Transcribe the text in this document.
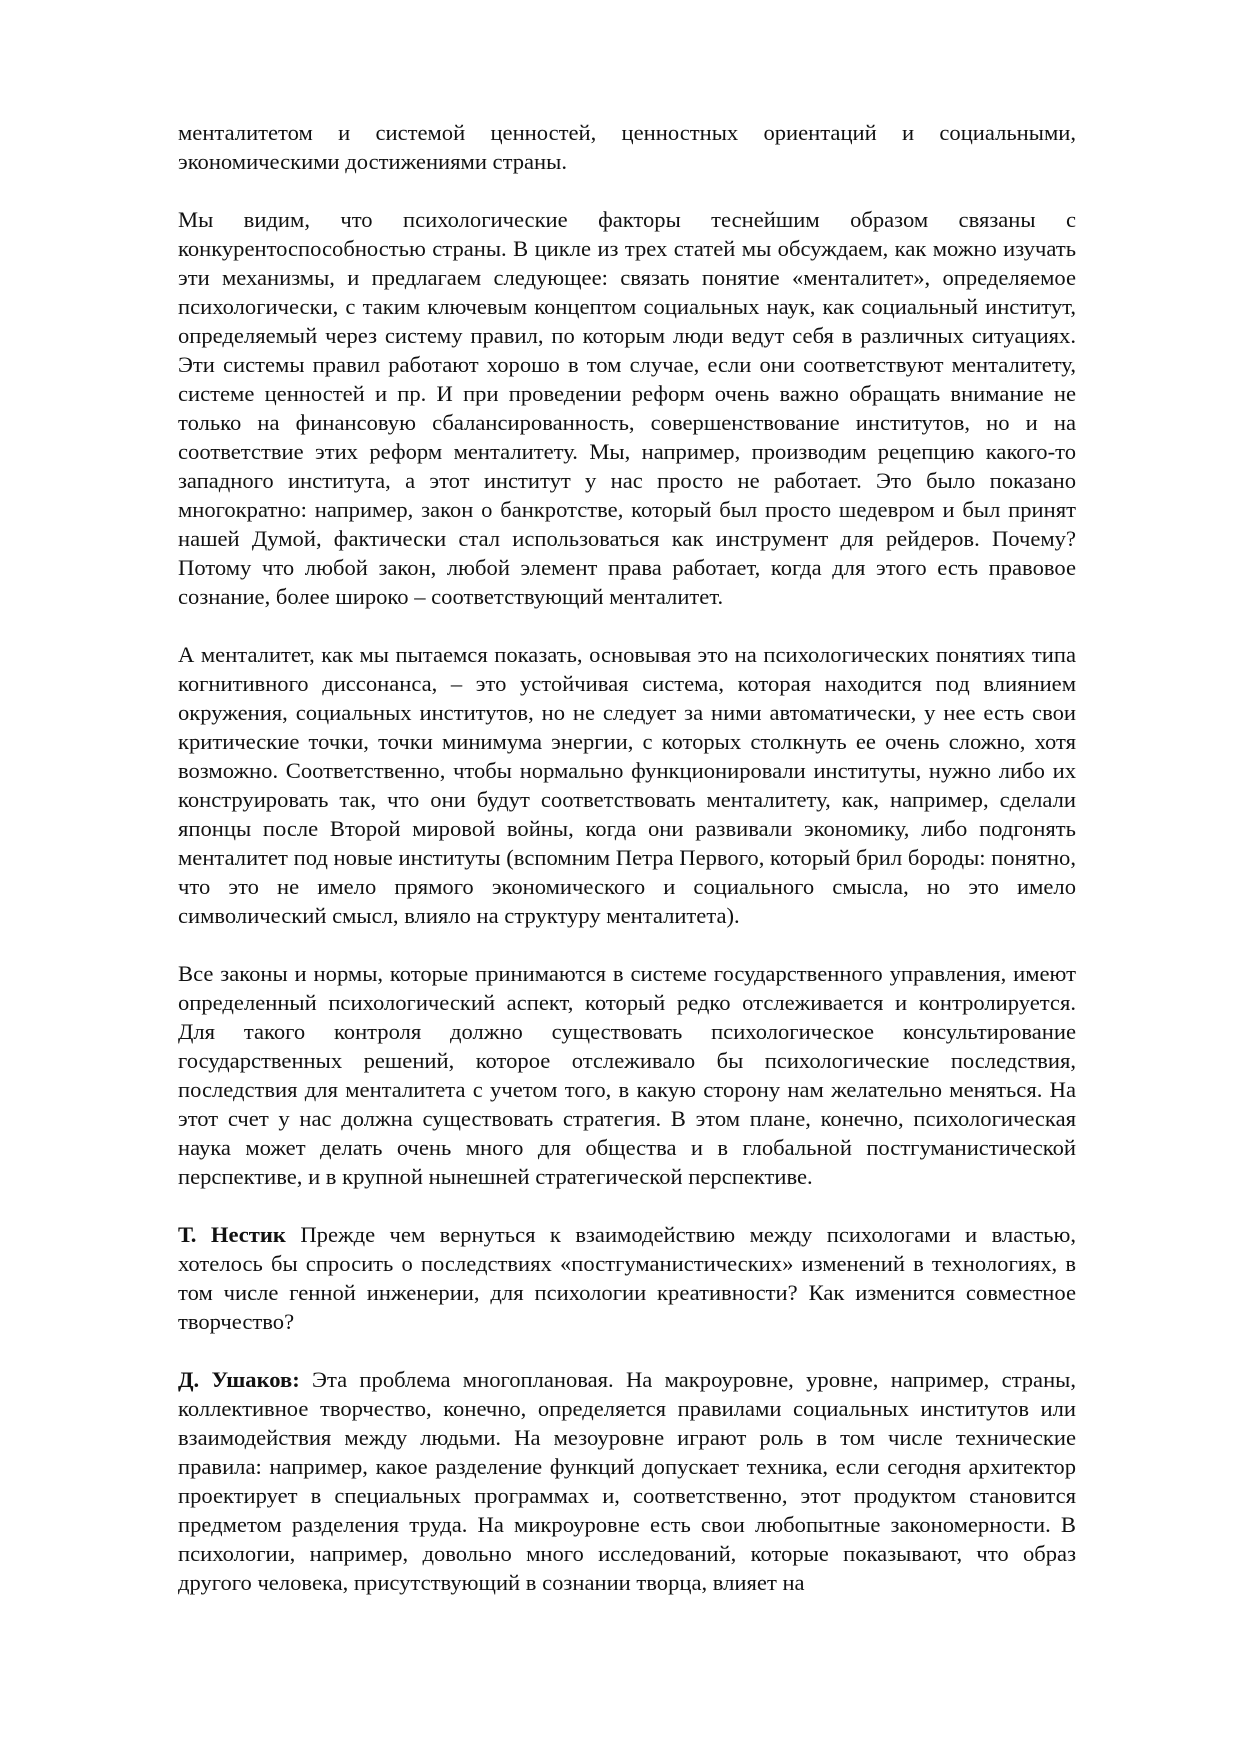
менталитетом и системой ценностей, ценностных ориентаций и социальными, экономическими достижениями страны.

Мы видим, что психологические факторы теснейшим образом связаны с конкурентоспособностью страны. В цикле из трех статей мы обсуждаем, как можно изучать эти механизмы, и предлагаем следующее: связать понятие «менталитет», определяемое психологически, с таким ключевым концептом социальных наук, как социальный институт, определяемый через систему правил, по которым люди ведут себя в различных ситуациях. Эти системы правил работают хорошо в том случае, если они соответствуют менталитету, системе ценностей и пр. И при проведении реформ очень важно обращать внимание не только на финансовую сбалансированность, совершенствование институтов, но и на соответствие этих реформ менталитету. Мы, например, производим рецепцию какого-то западного института, а этот институт у нас просто не работает. Это было показано многократно: например, закон о банкротстве, который был просто шедевром и был принят нашей Думой, фактически стал использоваться как инструмент для рейдеров. Почему? Потому что любой закон, любой элемент права работает, когда для этого есть правовое сознание, более широко – соответствующий менталитет.

А менталитет, как мы пытаемся показать, основывая это на психологических понятиях типа когнитивного диссонанса, – это устойчивая система, которая находится под влиянием окружения, социальных институтов, но не следует за ними автоматически, у нее есть свои критические точки, точки минимума энергии, с которых столкнуть ее очень сложно, хотя возможно. Соответственно, чтобы нормально функционировали институты, нужно либо их конструировать так, что они будут соответствовать менталитету, как, например, сделали японцы после Второй мировой войны, когда они развивали экономику, либо подгонять менталитет под новые институты (вспомним Петра Первого, который брил бороды: понятно, что это не имело прямого экономического и социального смысла, но это имело символический смысл, влияло на структуру менталитета).

Все законы и нормы, которые принимаются в системе государственного управления, имеют определенный психологический аспект, который редко отслеживается и контролируется. Для такого контроля должно существовать психологическое консультирование государственных решений, которое отслеживало бы психологические последствия, последствия для менталитета с учетом того, в какую сторону нам желательно меняться. На этот счет у нас должна существовать стратегия. В этом плане, конечно, психологическая наука может делать очень много для общества и в глобальной постгуманистической перспективе, и в крупной нынешней стратегической перспективе.

Т. Нестик Прежде чем вернуться к взаимодействию между психологами и властью, хотелось бы спросить о последствиях «постгуманистических» изменений в технологиях, в том числе генной инженерии, для психологии креативности? Как изменится совместное творчество?

Д. Ушаков: Эта проблема многоплановая. На макроуровне, уровне, например, страны, коллективное творчество, конечно, определяется правилами социальных институтов или взаимодействия между людьми. На мезоуровне играют роль в том числе технические правила: например, какое разделение функций допускает техника, если сегодня архитектор проектирует в специальных программах и, соответственно, этот продуктом становится предметом разделения труда. На микроуровне есть свои любопытные закономерности. В психологии, например, довольно много исследований, которые показывают, что образ другого человека, присутствующий в сознании творца, влияет на
